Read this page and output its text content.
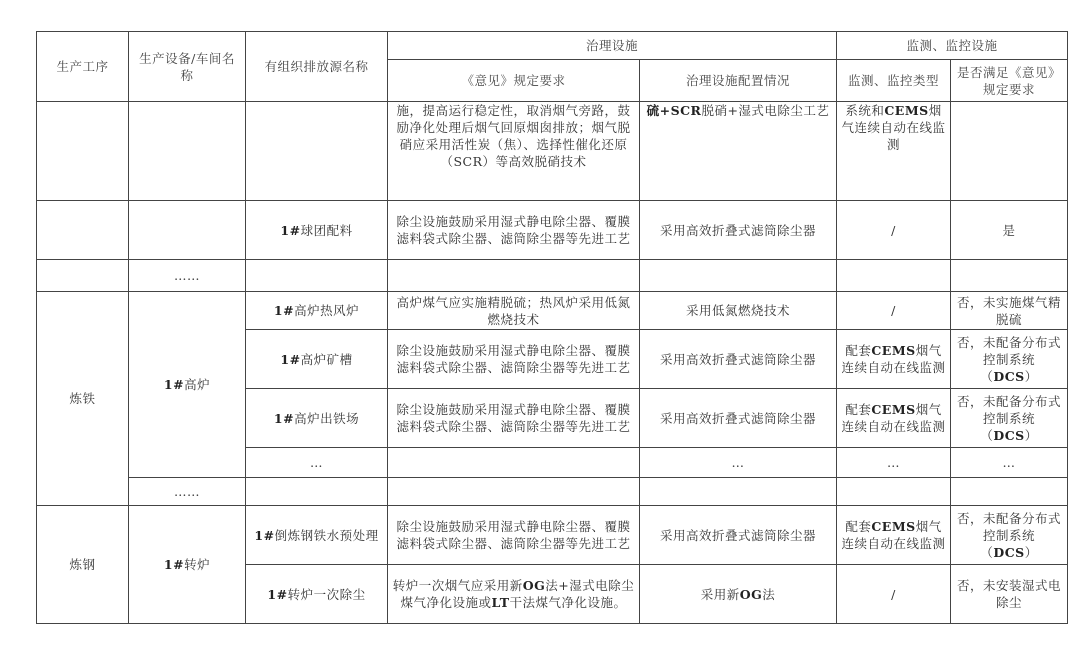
生产工序	生产设备/车间名称	有组织排放源名称	治理设施		监测、监控设施	
			《意见》规定要求	治理设施配置情况	监测、监控类型	是否满足《意见》规定要求
			施，提高运行稳定性，取消烟气旁路，鼓励净化处理后烟气回原烟囱排放；烟气脱硝应采用活性炭（焦）、选择性催化还原（SCR）等高效脱硝技术	硫+SCR脱硝+湿式电除尘工艺	系统和CEMS烟气连续自动在线监测	
		1#球团配料	除尘设施鼓励采用湿式静电除尘器、覆膜滤料袋式除尘器、滤筒除尘器等先进工艺	采用高效折叠式滤筒除尘器	/	是
	……					
炼铁	1#高炉	1#高炉热风炉	高炉煤气应实施精脱硫；热风炉采用低氮燃烧技术	采用低氮燃烧技术	/	否，未实施煤气精脱硫
		1#高炉矿槽	除尘设施鼓励采用湿式静电除尘器、覆膜滤料袋式除尘器、滤筒除尘器等先进工艺	采用高效折叠式滤筒除尘器	配套CEMS烟气连续自动在线监测	否，未配备分布式控制系统（DCS）
		1#高炉出铁场	除尘设施鼓励采用湿式静电除尘器、覆膜滤料袋式除尘器、滤筒除尘器等先进工艺	采用高效折叠式滤筒除尘器	配套CEMS烟气连续自动在线监测	否，未配备分布式控制系统（DCS）
		…		…	…	…
	……					
炼钢	1#转炉	1#倒炼钢铁水预处理	除尘设施鼓励采用湿式静电除尘器、覆膜滤料袋式除尘器、滤筒除尘器等先进工艺	采用高效折叠式滤筒除尘器	配套CEMS烟气连续自动在线监测	否，未配备分布式控制系统（DCS）
		1#转炉一次除尘	转炉一次烟气应采用新OG法+湿式电除尘煤气净化设施或LT干法煤气净化设施。	采用新OG法	/	否，未安装湿式电除尘
